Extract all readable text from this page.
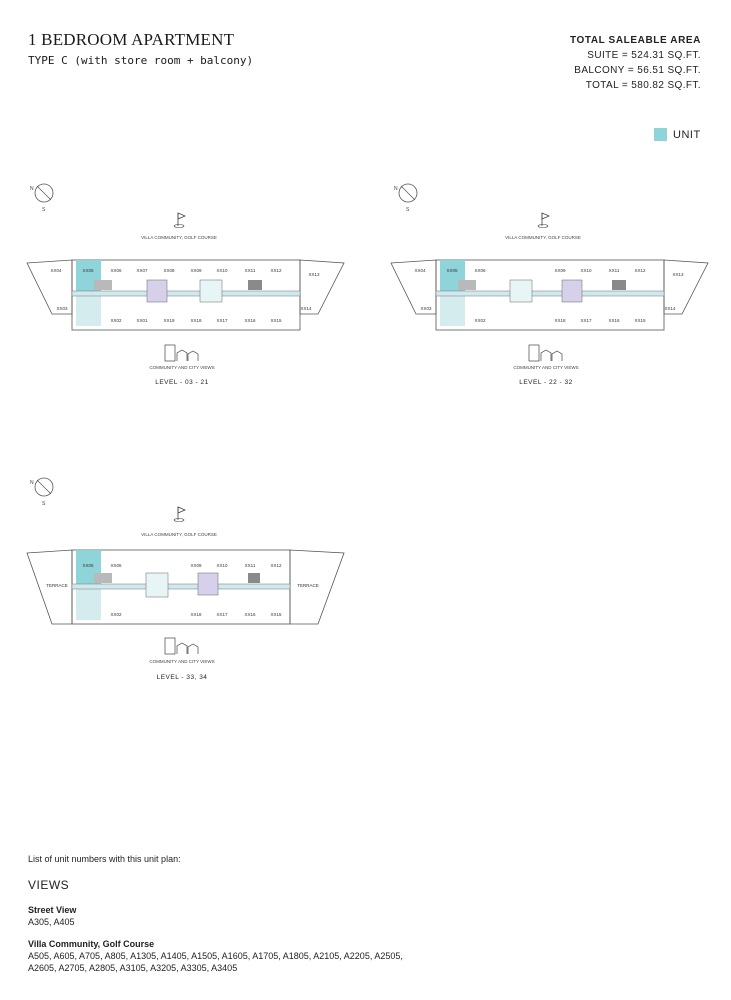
1 BEDROOM APARTMENT
TYPE C (with store room + balcony)
TOTAL SALEABLE AREA
SUITE = 524.31 SQ.FT.
BALCONY = 56.51 SQ.FT.
TOTAL = 580.82 SQ.FT.
UNIT
N
S
VILLA COMMUNITY, GOLF COURSE
XX04	XX05	XX06	XX07	XX08	XX09	XX10	XX11	XX12
XX13
XX03
XX02	XX01	XX19	XX18	XX17	XX16	XX15
XX14
COMMUNITY AND CITY VIEWS
LEVEL - 03 - 21
N
S
VILLA COMMUNITY, GOLF COURSE
XX04	XX05	XX06	XX09	XX10	XX11	XX12
XX13
XX03
XX02	XX18	XX17	XX16	XX15
XX14
COMMUNITY AND CITY VIEWS
LEVEL - 22 - 32
N
S
VILLA COMMUNITY, GOLF COURSE
XX05	XX06	XX09	XX10	XX11	XX12
XX02	XX18	XX17	XX16	XX15
TERRACE	TERRACE
COMMUNITY AND CITY VIEWS
LEVEL - 33, 34
List of unit numbers with this unit plan:
VIEWS
Street View
A305, A405
Villa Community, Golf Course
A505, A605, A705, A805, A1305, A1405, A1505, A1605, A1705, A1805, A2105, A2205, A2505,
A2605, A2705, A2805, A3105, A3205, A3305, A3405
